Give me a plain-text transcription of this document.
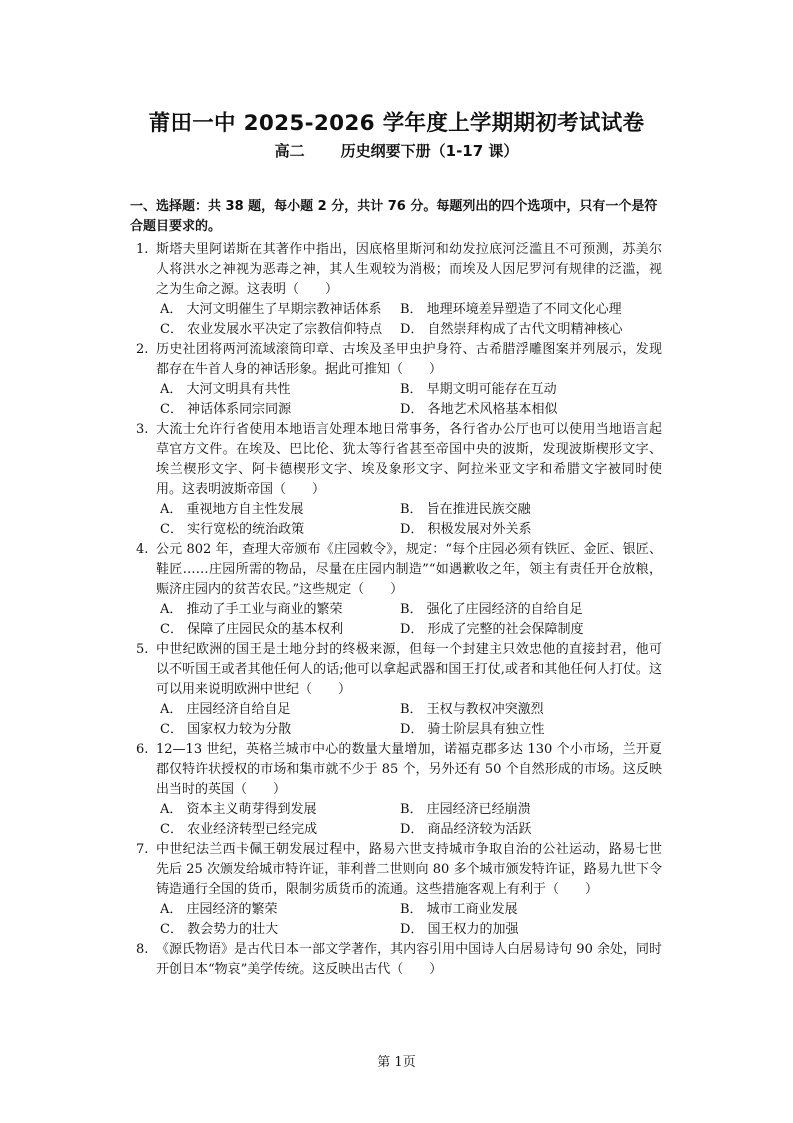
莆田一中 2025-2026 学年度上学期期初考试试卷
高二 历史纲要下册（1-17 课）
一、选择题：共 38 题，每小题 2 分，共计 76 分。每题列出的四个选项中，只有一个是符合题目要求的。
1. 斯塔夫里阿诺斯在其著作中指出，因底格里斯河和幼发拉底河泛滥且不可预测，苏美尔人将洪水之神视为恶毒之神，其人生观较为消极；而埃及人因尼罗河有规律的泛滥，视之为生命之源。这表明（　　）
A． 大河文明催生了早期宗教神话体系	B． 地理环境差异塑造了不同文化心理
C． 农业发展水平决定了宗教信仰特点	D． 自然崇拜构成了古代文明精神核心
2. 历史社团将两河流域滚筒印章、古埃及圣甲虫护身符、古希腊浮雕图案并列展示，发现都存在牛首人身的神话形象。据此可推知（　　）
A． 大河文明具有共性	B． 早期文明可能存在互动
C． 神话体系同宗同源	D． 各地艺术风格基本相似
3. 大流士允许行省使用本地语言处理本地日常事务，各行省办公厅也可以使用当地语言起草官方文件。在埃及、巴比伦、犹太等行省甚至帝国中央的波斯，发现波斯楔形文字、埃兰楔形文字、阿卡德楔形文字、埃及象形文字、阿拉米亚文字和希腊文字被同时使用。这表明波斯帝国（　　）
A． 重视地方自主性发展	B． 旨在推进民族交融
C． 实行宽松的统治政策	D． 积极发展对外关系
4. 公元 802 年，查理大帝颁布《庄园敕令》，规定：“每个庄园必须有铁匠、金匠、银匠、鞋匠……庄园所需的物品，尽量在庄园内制造”“如遇歉收之年，领主有责任开仓放粮，赈济庄园内的贫苦农民。”这些规定（　　）
A． 推动了手工业与商业的繁荣	B． 强化了庄园经济的自给自足
C． 保障了庄园民众的基本权利	D． 形成了完整的社会保障制度
5. 中世纪欧洲的国王是土地分封的终极来源，但每一个封建主只效忠他的直接封君，他可以不听国王或者其他任何人的话;他可以拿起武器和国王打仗,或者和其他任何人打仗。这可以用来说明欧洲中世纪（　　）
A． 庄园经济自给自足	B． 王权与教权冲突激烈
C． 国家权力较为分散	D． 骑士阶层具有独立性
6. 12—13 世纪，英格兰城市中心的数量大量增加，诺福克郡多达 130 个小市场，兰开夏郡仅特许状授权的市场和集市就不少于 85 个，另外还有 50 个自然形成的市场。这反映出当时的英国（　　）
A． 资本主义萌芽得到发展	B． 庄园经济已经崩溃
C． 农业经济转型已经完成	D． 商品经济较为活跃
7. 中世纪法兰西卡佩王朝发展过程中，路易六世支持城市争取自治的公社运动，路易七世先后 25 次颁发给城市特许证，菲利普二世则向 80 多个城市颁发特许证，路易九世下令铸造通行全国的货币，限制劣质货币的流通。这些措施客观上有利于（　　）
A． 庄园经济的繁荣	B． 城市工商业发展
C． 教会势力的壮大	D． 国王权力的加强
8. 《源氏物语》是古代日本一部文学著作，其内容引用中国诗人白居易诗句 90 余处，同时开创日本“物哀”美学传统。这反映出古代（　　）
第 1页
